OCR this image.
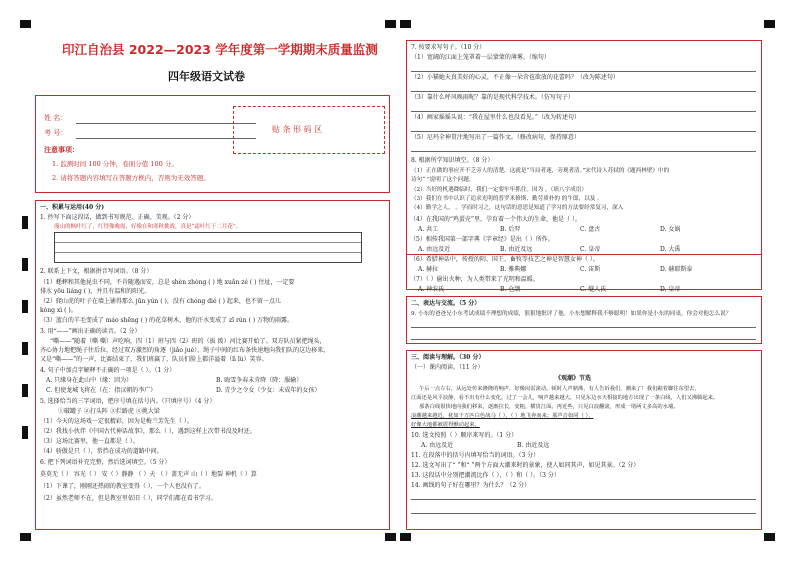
印江自治县 2022—2023 学年度第一学期期末质量监测
四年级语文试卷
姓 名：
考 号：
注意事项：
1. 监测时间 100 分钟，卷面分值 100 分。
2. 请将答题内容填写在答题方框内，否则为无效答题。
贴 条 形 码 区
一、积累与运用(40 分)
1. 抄写下面这段话，做到书写规范、正确、美观。（2 分）
漫山的枫叶红了，红得像晚霞，好像在和寒秋挑战，真是“霜叶红于二月花”。
2. 联系上下文，根据拼音写词语。（8 分）
（1）蟋蟀和其他昆虫不同，不肯随遇而安，总是 shèn zhòng ( ) 地 xuǎn zé ( ) 住址，一定要
排水 yōu liáng ( )，并且有温和的阳光。
（2）爬山虎的叶子在墙上铺得那么 jūn yún ( )，没有 chóng dié ( ) 起来，也不留一点儿
kòng xì ( )。
（3）蓝白的羊毛变成了 máo shēng ( ) 的花草树木，他的汗水变成了 zī rùn ( ) 万物的雨露。
3. 用“——”画出正确的读音。（2 分）
“嘶——”随着（嘶 嘶）声吃响，四（1）班与四（2）班的（拔 拨）河比赛开始了。双方队员紧把绳头，
齐心协力地把绳子往后拉，经过双方激烈的角逐（jiǎo jué），绳子中间的红布条快速地向我们队的这边移来，
又是“嘶——”的一声，比赛结束了，我们班赢了，队员们脸上都洋溢着（lì lù）笑容。
4. 句子中加点字解释不正确的一项是（ ）。（1 分）
A. 只缘身在此山中（缘：因为）	B. 晦雪争春未肯降（降：服输）
C. 但使龙城飞将在（在：指汉朝的李广）	D. 青少之令女（少女：未成年的女孩）
5. 选择恰当的三字词语，把序号填在括号内。（只填序号）（4 分）
①破罐子 ②打头阵 ③拦路虎 ④挑大梁
（1）今天的这场戏一定很精彩，因为是梅兰芳先生（ ）。
（2）我找小伙伴《中国古代神话故事》，那么（ ），遇到这样上次带书没及时还。
（3）这场比赛里，他一直都是（ ）。
（4）骄傲是只（ ），常挡在成功的道路中间。
6. 把下列词语补充完整，然后选词填空。（5 分）
莫莫无（ ） 容光（ ） 安（ ）静静 （ ）天 （ ）盖无声 山（ ）地裂 神机（ ）算
（1）下课了，刚刚还热闹的教室变得（ ），一个人也没有了。
（2）虽然老师不在，但是教室里依旧（ ），同学们都在看书学习。
7. 按要求写句子。（10 分）
（1）宽阔的江面上笼罩着一层蒙蒙的薄雾。（缩句）
（2）小猫她天真美好的心灵，不正像一朵含苞欲放的花蕾吗？（改为陈述句）
（3）靠什么呼风唤雨呢？靠的是现代科学技术。（仿写句子）
（4）画家摇摇头说：“我在屋里什么也没看见。”（改为转述句）
（5）尼玛全神贯注地写出了一篇作文。（修改病句，保持原意）
8. 根据所学知识填空。（8 分）
（1）正在做的事应开不乏旁人的清楚，这就是“当局者迷，旁观者清。”宋代诗人苏轼的《题西林壁》中的
诗句“ ”说明了这个问题。
（2）当好的机遇降临时，我们一定要牢牢抓住。因为 。（填八字成语）
（3）我们在书中认识了追求光明的普罗米修斯、勤劳质朴的 的牛郎，以及 。
（4）勤学之人， 。学而时习之，这句话的意思是知道了学习的方法要经常复习，深入
（4）在我国的“鸡蛋壳”里，孕育着一个伟大的生命，他是（ ）。
A. 共工	B. 后羿	C. 盘古	D. 女娲
（5）相传我国第一部字典《字章经》是出（ ）所作。
A. 由远及近	B. 由近及远	C. 皇帝	D. 大禹
（6）希腊神话中，传授的阴、国王、畜牧等技艺之神是智慧女神（ ）。
A. 赫拉	B. 雅典娜	C. 宙斯	D. 赫耶斯泰
（7）（ ）偷出火种，为人类带来了光明和温暖。
A. 神农氏	B. 仓颉	C. 燧人氏	D. 皇帝
二、表达与交流。（5 分）
9. 小东的爸爸兄小东考试成绩不理想的成绩，狠狠地批评了他。小东想解释我不够聪明！如果你是小东的同桌，你会对他怎么说？
三、阅读与理解。（30 分）
（一）课内阅读。（11 分）
《观潮》节选
午后一点左右，从远处传来隆隆的响声，好像闷雷滚动。顿时人声鼎沸，有人告诉我们，潮来了！我们踮着脚往东望去，
江面还是风平浪静，看不出有什么变化。过了一会儿，响声越来越大，只见东边水天相接的地方出现了一条白线，人们又沸腾起来。
那条白线很快地向我们移来，逐渐拉长，变粗，横贯江面。再近些，只见白浪翻滚，形成一堵两丈多高的水墙。
浪潮越来越近，犹如千万匹白色战马（ ），（ ）地飞奔而来；那声音如同（ ），
好像大地都被震得颤动起来。
10. 选文按照（ ）顺序来写的。（1 分）
A. 由远及近	B. 由近及远
11. 在段落中的括号内填写恰当的词语。（3 分）
12. 选文写出了“ ”和“ ”两个方面大潮来时的景象，使人如同其声，如见其景。（2 分）
13. 这段话中分别把潮流比作（ ）、（ ）和（ ）。（3 分）
14. 画线的句子好在哪里？为什么？（2 分）
